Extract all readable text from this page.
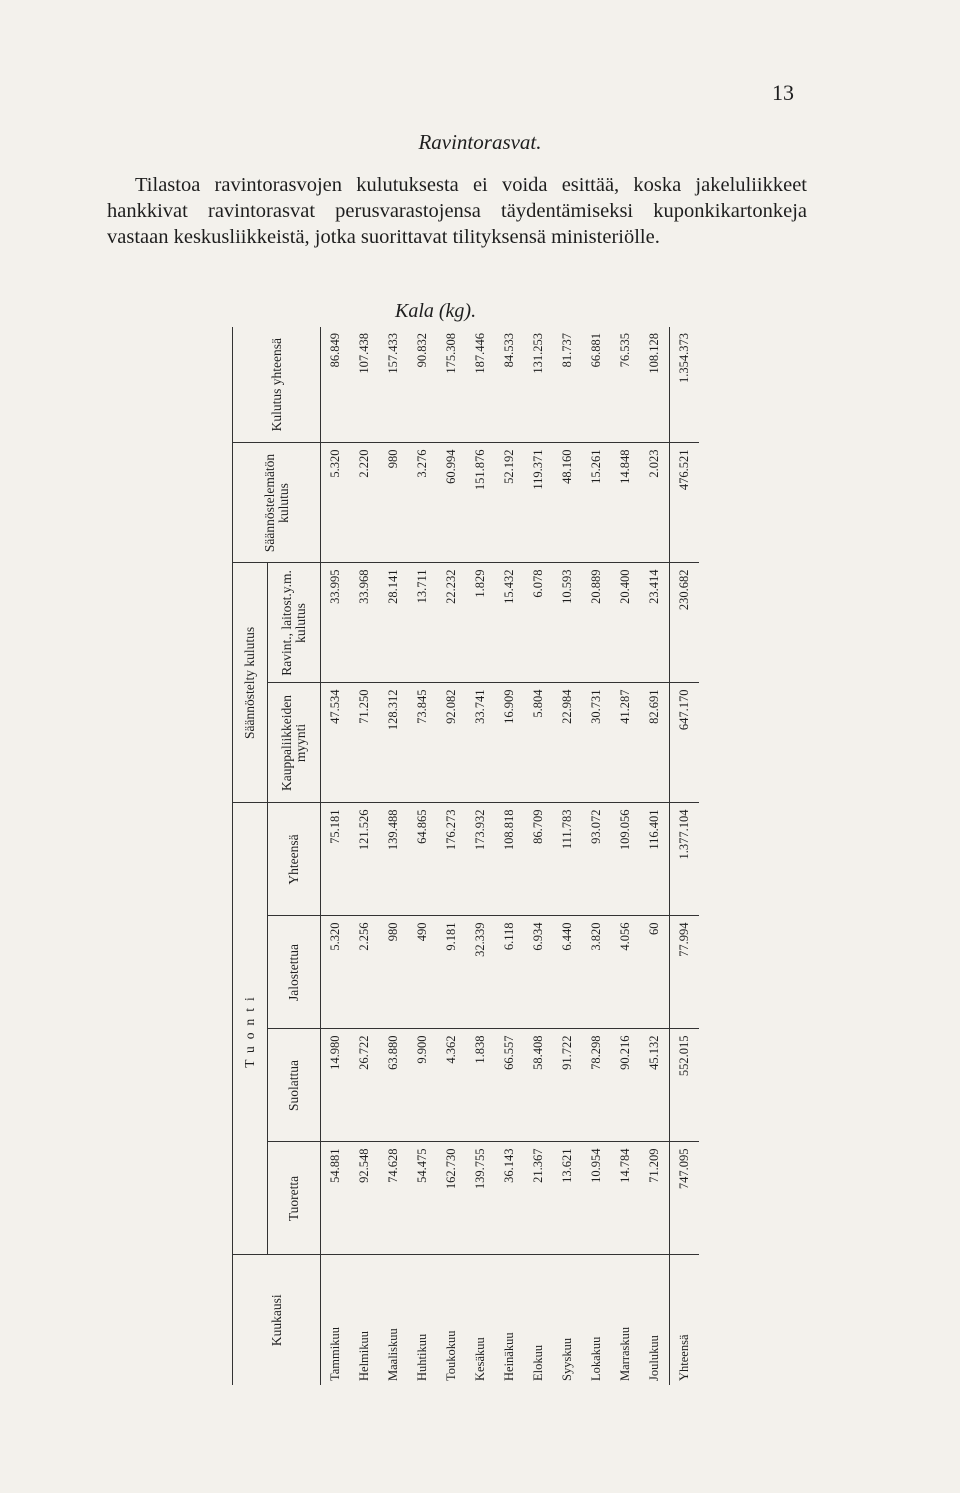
13
Ravintorasvat.

Tilastoa ravintorasvojen kulutuksesta ei voida esittää, koska jakeluliikkeet hankkivat ravintorasvat perusvarastojensa täydentämiseksi kuponkikartonkeja vastaan keskusliikkeistä, jotka suorittavat tilityksensä ministeriölle.

Kala (kg).
Kuukausi	Tuonti				Säännöstelty kulutus		Säännöstelemätön kulutus	Kulutus yhteensä
	Tuoretta	Suolattua	Jalostettua	Yhteensä	Kauppaliikkeiden myynti	Ravint., laitost.y.m. kulutus		
Tammikuu	54.881	14.980	5.320	75.181	47.534	33.995	5.320	86.849
Helmikuu	92.548	26.722	2.256	121.526	71.250	33.968	2.220	107.438
Maaliskuu	74.628	63.880	980	139.488	128.312	28.141	980	157.433
Huhtikuu	54.475	9.900	490	64.865	73.845	13.711	3.276	90.832
Toukokuu	162.730	4.362	9.181	176.273	92.082	22.232	60.994	175.308
Kesäkuu	139.755	1.838	32.339	173.932	33.741	1.829	151.876	187.446
Heinäkuu	36.143	66.557	6.118	108.818	16.909	15.432	52.192	84.533
Elokuu	21.367	58.408	6.934	86.709	5.804	6.078	119.371	131.253
Syyskuu	13.621	91.722	6.440	111.783	22.984	10.593	48.160	81.737
Lokakuu	10.954	78.298	3.820	93.072	30.731	20.889	15.261	66.881
Marraskuu	14.784	90.216	4.056	109.056	41.287	20.400	14.848	76.535
Joulukuu	71.209	45.132	60	116.401	82.691	23.414	2.023	108.128
Yhteensä	747.095	552.015	77.994	1.377.104	647.170	230.682	476.521	1.354.373
